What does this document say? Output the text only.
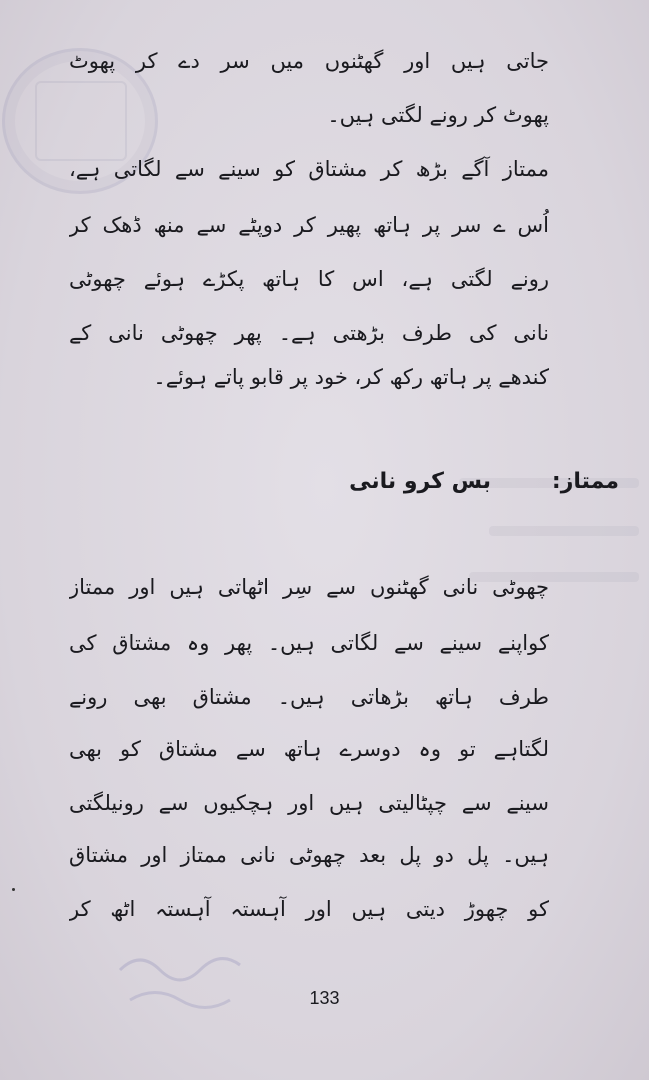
جاتی ہیں اور گھٹنوں میں سر دے کر پھوٹ
پھوٹ کر رونے لگتی ہیں۔
ممتاز آگے بڑھ کر مشتاق کو سینے سے لگاتی ہے،
اُس ے سر پر ہاتھ پھیر کر دوپٹے سے منھ ڈھک کر
رونے لگتی ہے، اس کا ہاتھ پکڑے ہوئے چھوٹی
نانی کی طرف بڑھتی ہے۔ پھر چھوٹی نانی کے
کندھے پر ہاتھ رکھ کر، خود پر قابو پاتے ہوئے۔
ممتاز:
بس کرو نانی
چھوٹی نانی گھٹنوں سے سِر اٹھاتی ہیں اور ممتاز
کواپنے سینے سے لگاتی ہیں۔ پھر وہ مشتاق کی
طرف ہاتھ بڑھاتی ہیں۔ مشتاق بھی رونے
لگتاہے تو وہ دوسرے ہاتھ سے مشتاق کو بھی
سینے سے چپٹالیتی ہیں اور ہچکیوں سے رونیلگتی
ہیں۔ پل دو پل بعد چھوٹی نانی ممتاز اور مشتاق
کو چھوڑ دیتی ہیں اور آہستہ آہستہ اٹھ کر
133
